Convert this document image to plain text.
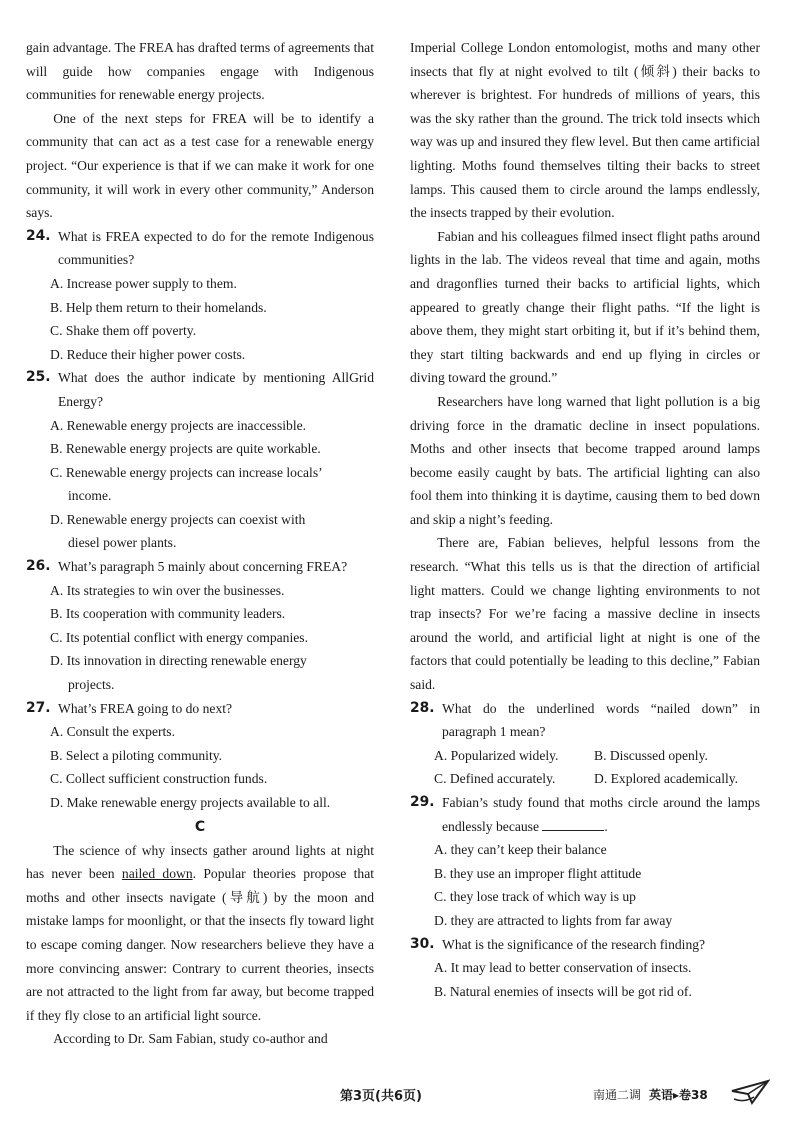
gain advantage. The FREA has drafted terms of agreements that will guide how companies engage with Indigenous communities for renewable energy projects.

One of the next steps for FREA will be to identify a community that can act as a test case for a renewable energy project. “Our experience is that if we can make it work for one community, it will work in every other community,” Anderson says.

24. What is FREA expected to do for the remote Indigenous communities?
A. Increase power supply to them.
B. Help them return to their homelands.
C. Shake them off poverty.
D. Reduce their higher power costs.
25. What does the author indicate by mentioning AllGrid Energy?
A. Renewable energy projects are inaccessible.
B. Renewable energy projects are quite workable.
C. Renewable energy projects can increase locals’
income.
D. Renewable energy projects can coexist with
diesel power plants.
26. What’s paragraph 5 mainly about concerning FREA?
A. Its strategies to win over the businesses.
B. Its cooperation with community leaders.
C. Its potential conflict with energy companies.
D. Its innovation in directing renewable energy
projects.
27. What’s FREA going to do next?
A. Consult the experts.
B. Select a piloting community.
C. Collect sufficient construction funds.
D. Make renewable energy projects available to all.
C

The science of why insects gather around lights at night has never been nailed down. Popular theories propose that moths and other insects navigate (导航) by the moon and mistake lamps for moonlight, or that the insects fly toward light to escape coming danger. Now researchers believe they have a more convincing answer: Contrary to current theories, insects are not attracted to the light from far away, but become trapped if they fly close to an artificial light source.

According to Dr. Sam Fabian, study co-author and

Imperial College London entomologist, moths and many other insects that fly at night evolved to tilt (倾斜) their backs to wherever is brightest. For hundreds of millions of years, this was the sky rather than the ground. The trick told insects which way was up and insured they flew level. But then came artificial lighting. Moths found themselves tilting their backs to street lamps. This caused them to circle around the lamps endlessly, the insects trapped by their evolution.

Fabian and his colleagues filmed insect flight paths around lights in the lab. The videos reveal that time and again, moths and dragonflies turned their backs to artificial lights, which appeared to greatly change their flight paths. “If the light is above them, they might start orbiting it, but if it’s behind them, they start tilting backwards and end up flying in circles or diving toward the ground.”

Researchers have long warned that light pollution is a big driving force in the dramatic decline in insect populations. Moths and other insects that become trapped around lamps become easily caught by bats. The artificial lighting can also fool them into thinking it is daytime, causing them to bed down and skip a night’s feeding.

There are, Fabian believes, helpful lessons from the research. “What this tells us is that the direction of artificial light matters. Could we change lighting environments to not trap insects? For we’re facing a massive decline in insects around the world, and artificial light at night is one of the factors that could potentially be leading to this decline,” Fabian said.

28. What do the underlined words “nailed down” in paragraph 1 mean?
A. Popularized widely.	B. Discussed openly.
C. Defined accurately.	D. Explored academically.
29. Fabian’s study found that moths circle around the lamps endlessly because	.
A. they can’t keep their balance
B. they use an improper flight attitude
C. they lose track of which way is up
D. they are attracted to lights from far away
30. What is the significance of the research finding?
A. It may lead to better conservation of insects.
B. Natural enemies of insects will be got rid of.
第3页(共6页)	南通二调 英语▸卷38
